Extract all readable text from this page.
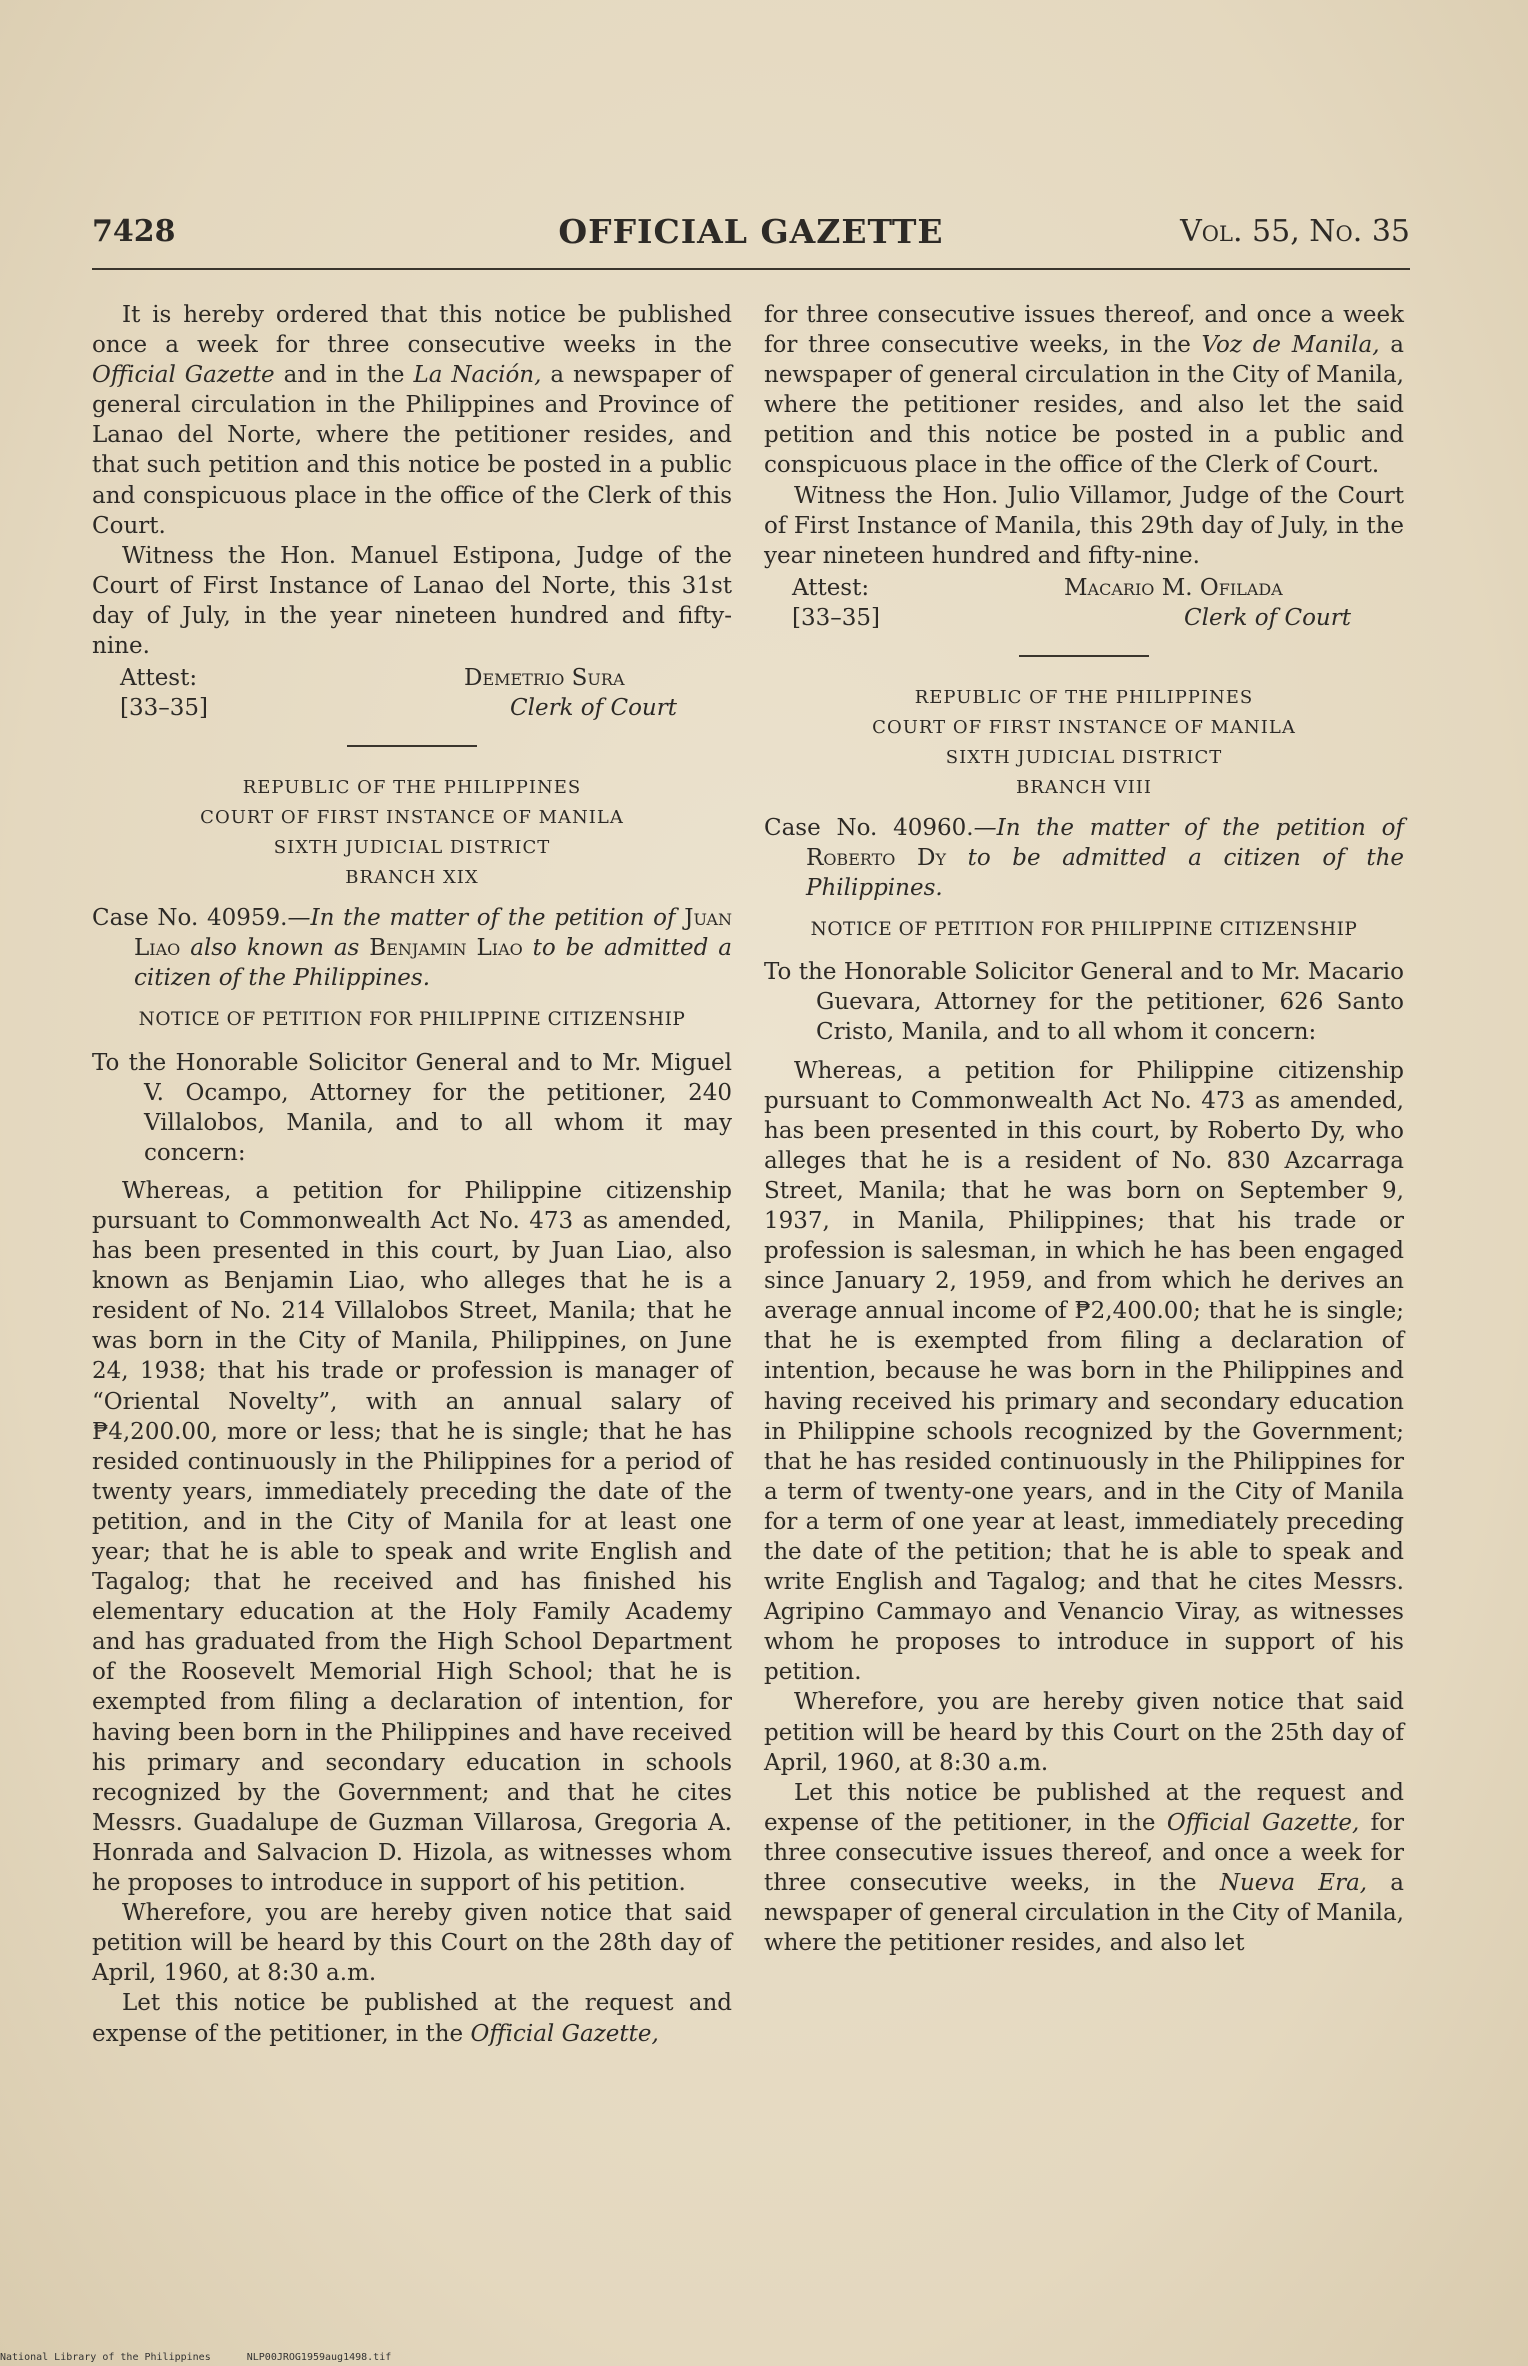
7428	OFFICIAL GAZETTE	Vol. 55, No. 35

It is hereby ordered that this notice be published once a week for three consecutive weeks in the Official Gazette and in the La Nación, a newspaper of general circulation in the Philippines and Province of Lanao del Norte, where the petitioner resides, and that such petition and this notice be posted in a public and conspicuous place in the office of the Clerk of this Court.

Witness the Hon. Manuel Estipona, Judge of the Court of First Instance of Lanao del Norte, this 31st day of July, in the year nineteen hundred and fifty-nine.

Attest:	Demetrio Sura
[33–35]	Clerk of Court
REPUBLIC OF THE PHILIPPINES
COURT OF FIRST INSTANCE OF MANILA
SIXTH JUDICIAL DISTRICT
BRANCH XIX
Case No. 40959.—In the matter of the petition of Juan Liao also known as Benjamin Liao to be admitted a citizen of the Philippines.
NOTICE OF PETITION FOR PHILIPPINE CITIZENSHIP
To the Honorable Solicitor General and to Mr. Miguel V. Ocampo, Attorney for the petitioner, 240 Villalobos, Manila, and to all whom it may concern:

Whereas, a petition for Philippine citizenship pursuant to Commonwealth Act No. 473 as amended, has been presented in this court, by Juan Liao, also known as Benjamin Liao, who alleges that he is a resident of No. 214 Villalobos Street, Manila; that he was born in the City of Manila, Philippines, on June 24, 1938; that his trade or profession is manager of “Oriental Novelty”, with an annual salary of ₱4,200.00, more or less; that he is single; that he has resided continuously in the Philippines for a period of twenty years, immediately preceding the date of the petition, and in the City of Manila for at least one year; that he is able to speak and write English and Tagalog; that he received and has finished his elementary education at the Holy Family Academy and has graduated from the High School Department of the Roosevelt Memorial High School; that he is exempted from filing a declaration of intention, for having been born in the Philippines and have received his primary and secondary education in schools recognized by the Government; and that he cites Messrs. Guadalupe de Guzman Villarosa, Gregoria A. Honrada and Salvacion D. Hizola, as witnesses whom he proposes to introduce in support of his petition.

Wherefore, you are hereby given notice that said petition will be heard by this Court on the 28th day of April, 1960, at 8:30 a.m.

Let this notice be published at the request and expense of the petitioner, in the Official Gazette,

for three consecutive issues thereof, and once a week for three consecutive weeks, in the Voz de Manila, a newspaper of general circulation in the City of Manila, where the petitioner resides, and also let the said petition and this notice be posted in a public and conspicuous place in the office of the Clerk of Court.

Witness the Hon. Julio Villamor, Judge of the Court of First Instance of Manila, this 29th day of July, in the year nineteen hundred and fifty-nine.

Attest:	Macario M. Ofilada
[33–35]	Clerk of Court
REPUBLIC OF THE PHILIPPINES
COURT OF FIRST INSTANCE OF MANILA
SIXTH JUDICIAL DISTRICT
BRANCH VIII
Case No. 40960.—In the matter of the petition of Roberto Dy to be admitted a citizen of the Philippines.
NOTICE OF PETITION FOR PHILIPPINE CITIZENSHIP
To the Honorable Solicitor General and to Mr. Macario Guevara, Attorney for the petitioner, 626 Santo Cristo, Manila, and to all whom it concern:

Whereas, a petition for Philippine citizenship pursuant to Commonwealth Act No. 473 as amended, has been presented in this court, by Roberto Dy, who alleges that he is a resident of No. 830 Azcarraga Street, Manila; that he was born on September 9, 1937, in Manila, Philippines; that his trade or profession is salesman, in which he has been engaged since January 2, 1959, and from which he derives an average annual income of ₱2,400.00; that he is single; that he is exempted from filing a declaration of intention, because he was born in the Philippines and having received his primary and secondary education in Philippine schools recognized by the Government; that he has resided continuously in the Philippines for a term of twenty-one years, and in the City of Manila for a term of one year at least, immediately preceding the date of the petition; that he is able to speak and write English and Tagalog; and that he cites Messrs. Agripino Cammayo and Venancio Viray, as witnesses whom he proposes to introduce in support of his petition.

Wherefore, you are hereby given notice that said petition will be heard by this Court on the 25th day of April, 1960, at 8:30 a.m.

Let this notice be published at the request and expense of the petitioner, in the Official Gazette, for three consecutive issues thereof, and once a week for three consecutive weeks, in the Nueva Era, a newspaper of general circulation in the City of Manila, where the petitioner resides, and also let

National Library of the Philippines	NLP00JROG1959aug1498.tif
